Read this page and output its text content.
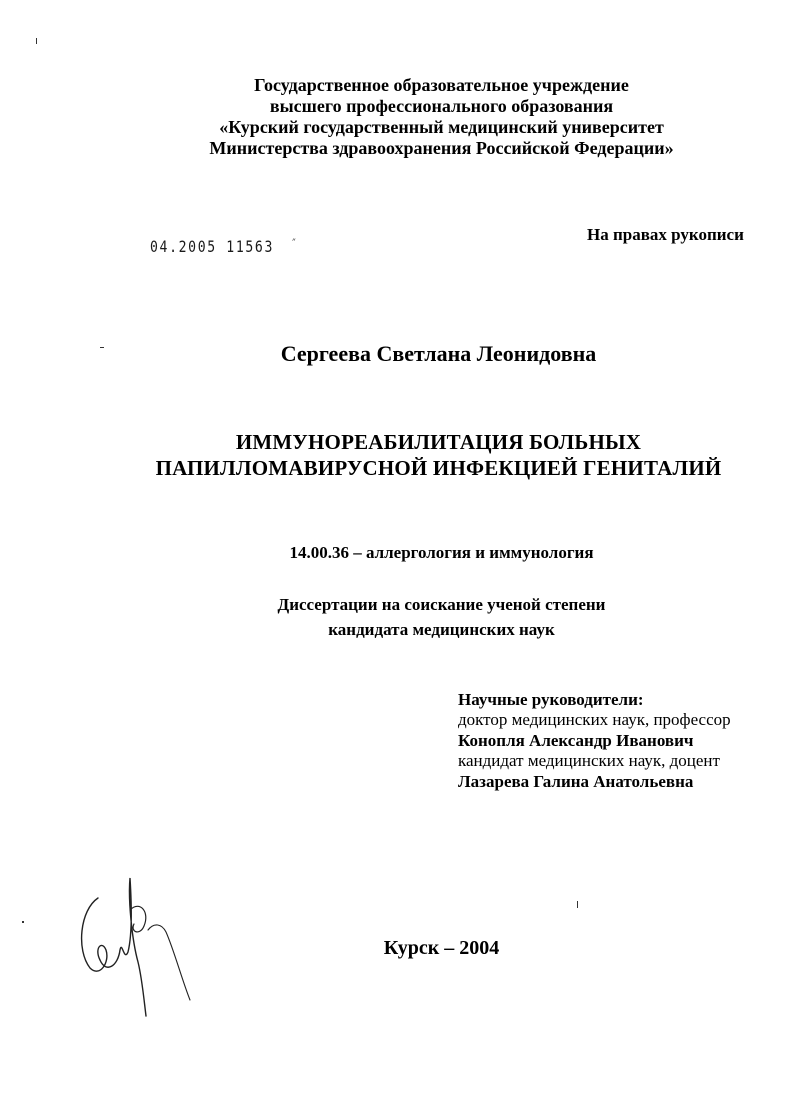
Государственное образовательное учреждение
высшего профессионального образования
«Курский государственный медицинский университет
Министерства здравоохранения Российской Федерации»
04.2005 11563 ״	На правах рукописи
Сергеева Светлана Леонидовна
ИММУНОРЕАБИЛИТАЦИЯ БОЛЬНЫХ
ПАПИЛЛОМАВИРУСНОЙ ИНФЕКЦИЕЙ ГЕНИТАЛИЙ
14.00.36 – аллергология и иммунология
Диссертации на соискание ученой степени
кандидата медицинских наук
Научные руководители:
доктор медицинских наук, профессор
Конопля Александр Иванович
кандидат медицинских наук, доцент
Лазарева Галина Анатольевна
Курск – 2004
